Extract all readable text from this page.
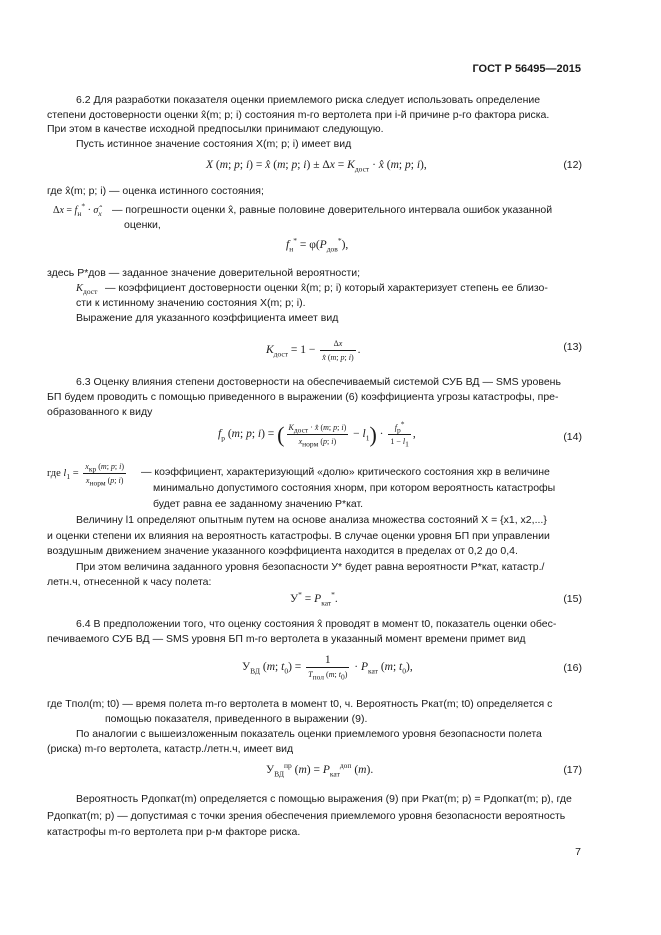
ГОСТ Р 56495—2015
6.2 Для разработки показателя оценки приемлемого риска следует использовать определение
степени достоверности оценки x̂(m; p; i) состояния m-го вертолета при i-й причине p-го фактора риска.
При этом в качестве исходной предпосылки принимают следующую.
Пусть истинное значение состояния X(m; p; i) имеет вид
X (m; p; i) = x̂ (m; p; $i) \pm \Delta x = K_{дост}$ · x̂ (m; p; i),	(12)
где x̂(m; p; i) — оценка истинного состояния;
$\Delta x = f_н^*$ · $\sigmâ_x$ — погрешности оценки x̂, равные половине доверительного интервала ошибок указанной
оценки,
$f_н^* = \varphi(P_{дов}^*)$,
здесь P*дов — заданное значение доверительной вероятности;
$K_{дост}$ — коэффициент достоверности оценки x̂(m; p; i) который характеризует степень ее близо-
сти к истинному значению состояния X(m; p; i).
Выражение для указанного коэффициента имеет вид
$K_{дост} = 1 - \frac{\Delta x}{x̂ (m; p; i)}$ .	(13)
6.3 Оценку влияния степени достоверности на обеспечиваемый системой СУБ ВД — SMS уровень
БП будем проводить с помощью приведенного в выражении (6) коэффициента угрозы катастрофы, пре-
образованного к виду
$f_р$ (m; p; i) = ( $\frac{K_{дост} \cdot x̂ (m; p; i)}{x_{норм} (p; i)} - l_1) \cdot \frac{f_р^*}{1 - l_1}$ ,	(14)
где $l_1 = \frac{x_{кр} (m; p; i)}{x_{норм} (p; i)}$ — коэффициент, характеризующий «долю» критического состояния xкр в величине
минимально допустимого состояния xнорм, при котором вероятность катастрофы
будет равна ее заданному значению P*кат.
Величину l1 определяют опытным путем на основе анализа множества состояний X = {x1, x2,...}
и оценки степени их влияния на вероятность катастрофы. В случае оценки уровня БП при управлении
воздушным движением значение указанного коэффициента находится в пределах от 0,2 до 0,4.
При этом величина заданного уровня безопасности У* будет равна вероятности P*кат, катастр./
летн.ч, отнесенной к часу полета:
$У^* = P_{кат}^*$.	(15)
6.4 В предположении того, что оценку состояния x̂ проводят в момент t0, показатель оценки обес-
печиваемого СУБ ВД — SMS уровня БП m-го вертолета в указанный момент времени примет вид
$У_{ВД}$ (m; $t_0) = \frac{1}{T_{пол} (m; t_0)} \cdot P_{кат}$ (m; $t_0$),	(16)
где Tпол(m; t0) — время полета m-го вертолета в момент t0, ч. Вероятность Pкат(m; t0) определяется с
помощью показателя, приведенного в выражении (9).
По аналогии с вышеизложенным показатель оценки приемлемого уровня безопасности полета
(риска) m-го вертолета, катастр./летн.ч, имеет вид
$У_{ВД}^{пр}$ $(m) = P_{кат}^{доп}$ (m).	(17)
Вероятность Pдопкат(m) определяется с помощью выражения (9) при Pкат(m; p) = Pдопкат(m; p), где
Pдопкат(m; p) — допустимая с точки зрения обеспечения приемлемого уровня безопасности вероятность
катастрофы m-го вертолета при p-м факторе риска.
7
